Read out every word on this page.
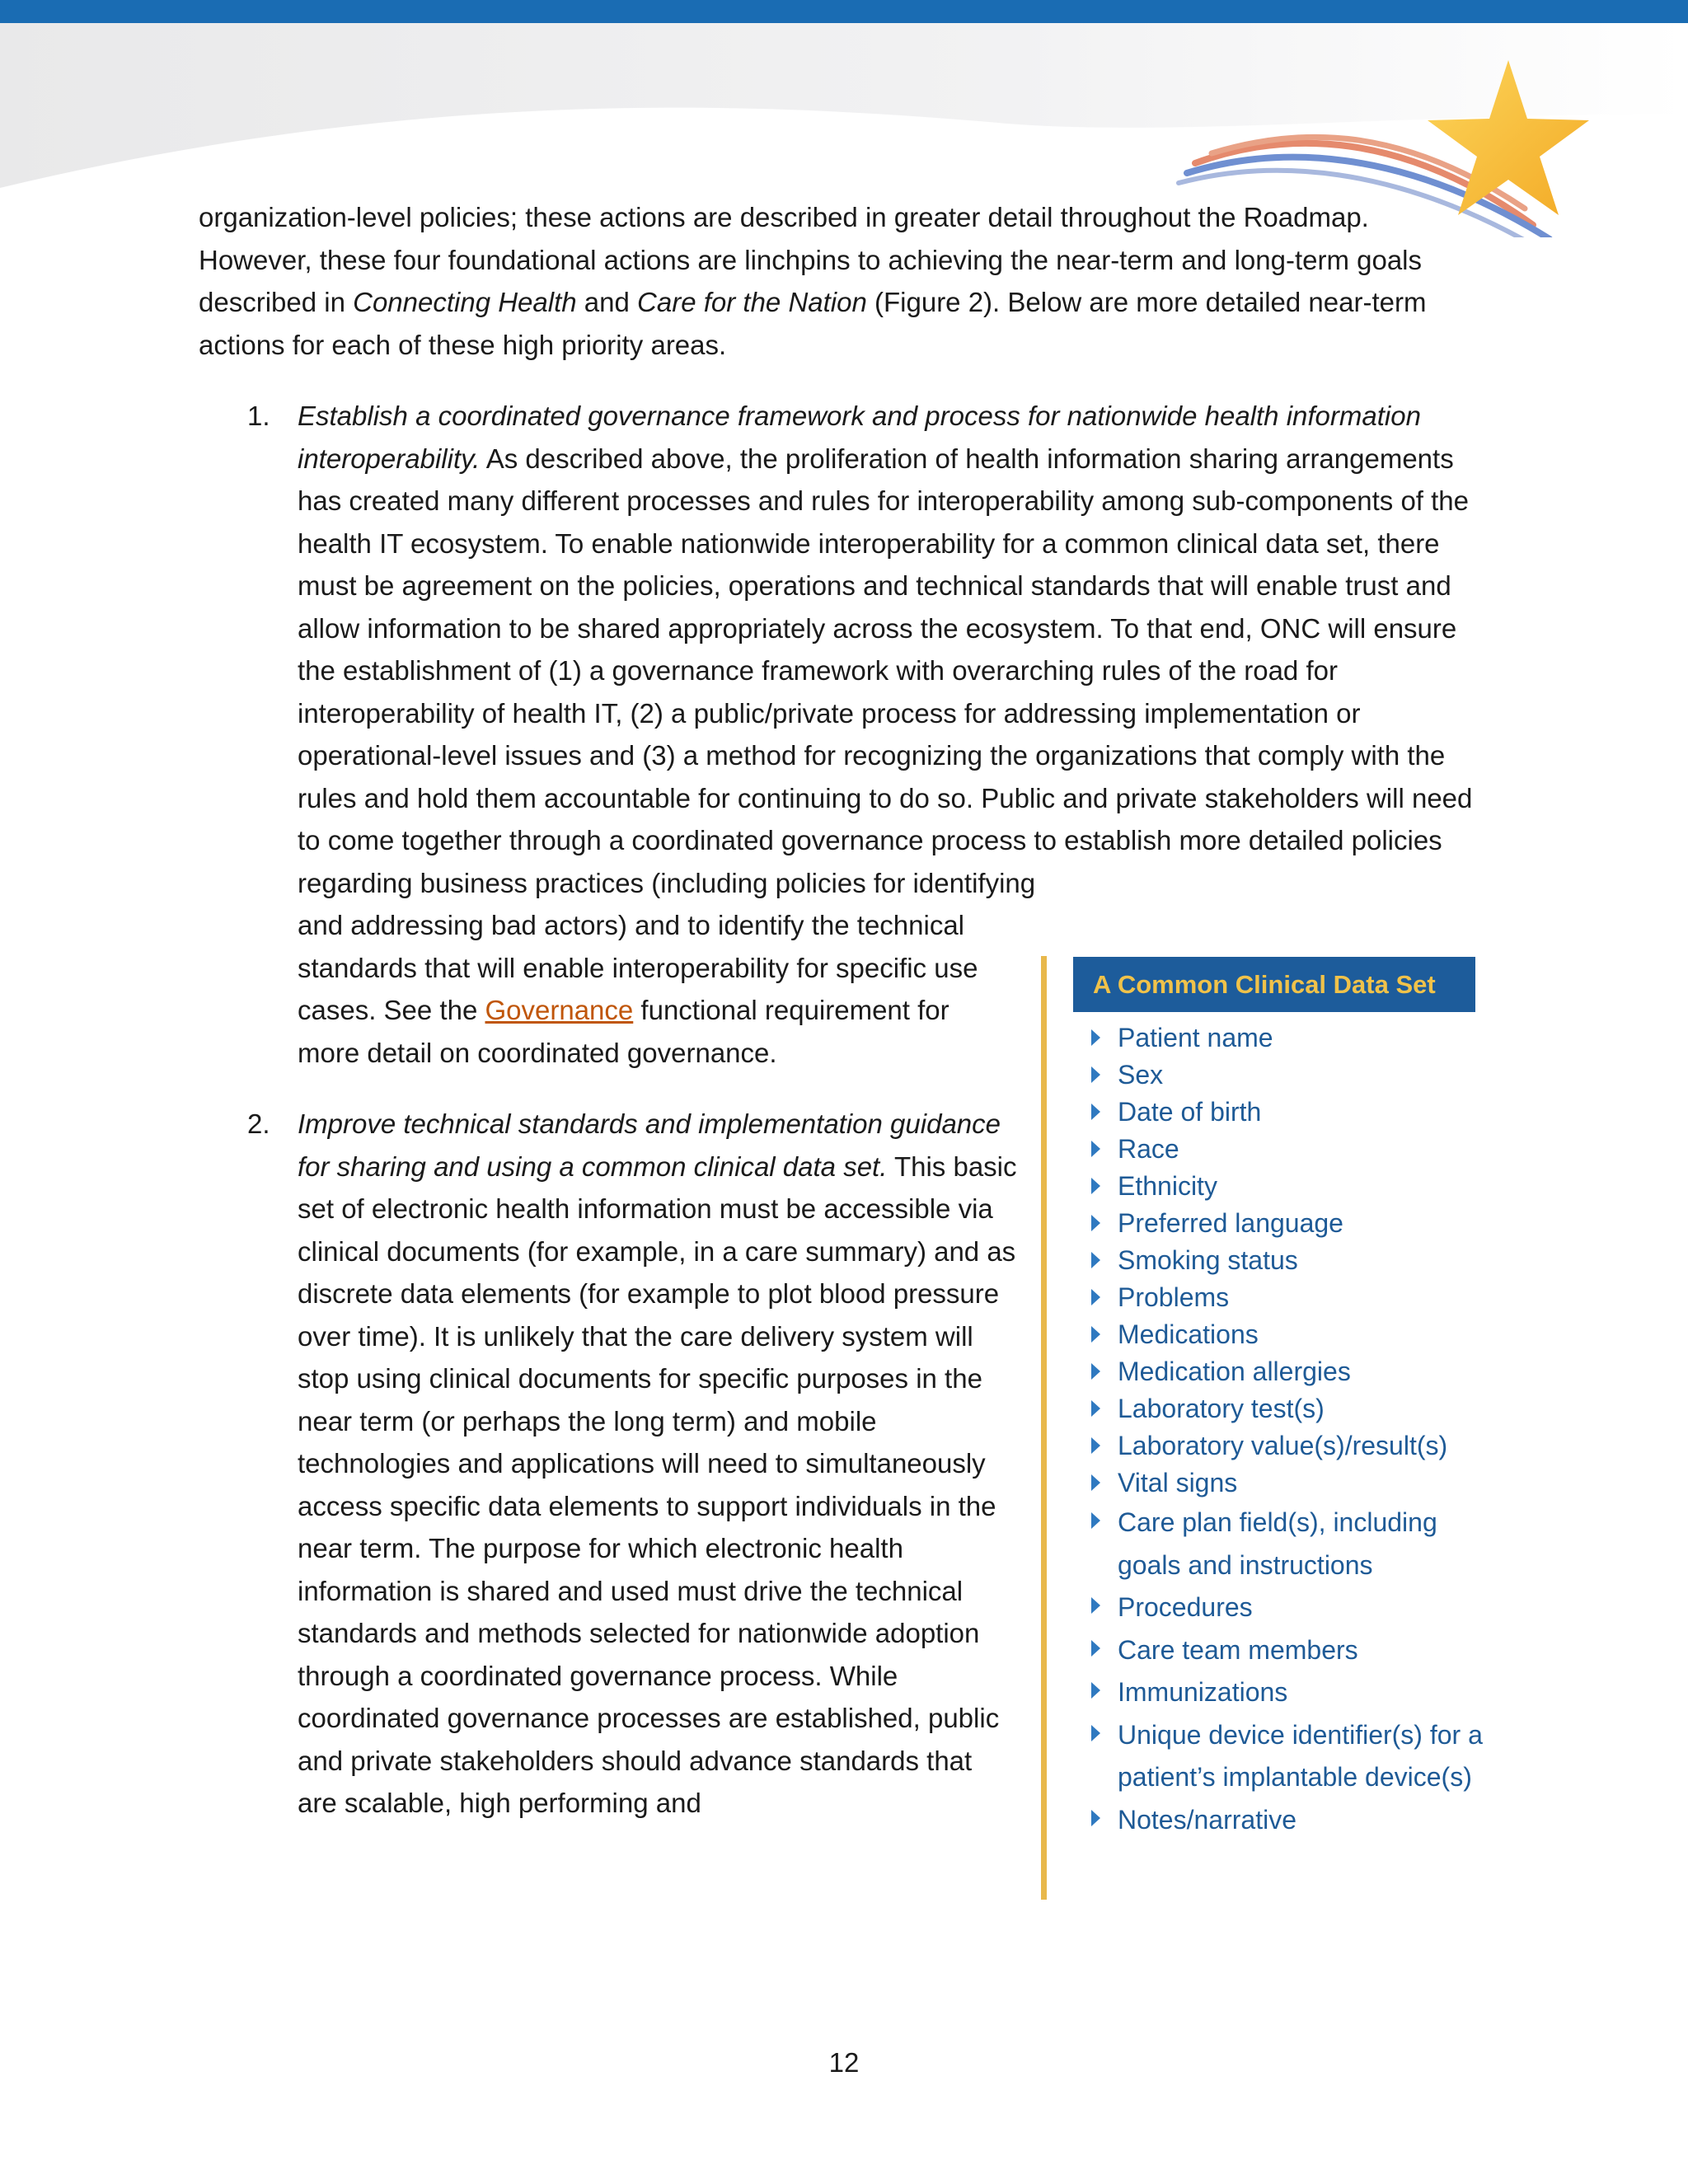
organization-level policies; these actions are described in greater detail throughout the Roadmap. However, these four foundational actions are linchpins to achieving the near-term and long-term goals described in Connecting Health and Care for the Nation (Figure 2). Below are more detailed near-term actions for each of these high priority areas.
1. Establish a coordinated governance framework and process for nationwide health information interoperability. As described above, the proliferation of health information sharing arrangements has created many different processes and rules for interoperability among sub-components of the health IT ecosystem. To enable nationwide interoperability for a common clinical data set, there must be agreement on the policies, operations and technical standards that will enable trust and allow information to be shared appropriately across the ecosystem. To that end, ONC will ensure the establishment of (1) a governance framework with overarching rules of the road for interoperability of health IT, (2) a public/private process for addressing implementation or operational-level issues and (3) a method for recognizing the organizations that comply with the rules and hold them accountable for continuing to do so. Public and private stakeholders will need to come together through a coordinated governance process to establish more detailed policies regarding business practices (including policies for identifying
and addressing bad actors) and to identify the technical standards that will enable interoperability for specific use cases. See the Governance functional requirement for more detail on coordinated governance.
2. Improve technical standards and implementation guidance for sharing and using a common clinical data set. This basic set of electronic health information must be accessible via clinical documents (for example, in a care summary) and as discrete data elements (for example to plot blood pressure over time). It is unlikely that the care delivery system will stop using clinical documents for specific purposes in the near term (or perhaps the long term) and mobile technologies and applications will need to simultaneously access specific data elements to support individuals in the near term. The purpose for which electronic health information is shared and used must drive the technical standards and methods selected for nationwide adoption through a coordinated governance process. While coordinated governance processes are established, public and private stakeholders should advance standards that are scalable, high performing and
A Common Clinical Data Set
Patient name
Sex
Date of birth
Race
Ethnicity
Preferred language
Smoking status
Problems
Medications
Medication allergies
Laboratory test(s)
Laboratory value(s)/result(s)
Vital signs
Care plan field(s), including goals and instructions
Procedures
Care team members
Immunizations
Unique device identifier(s) for a patient’s implantable device(s)
Notes/narrative
12
